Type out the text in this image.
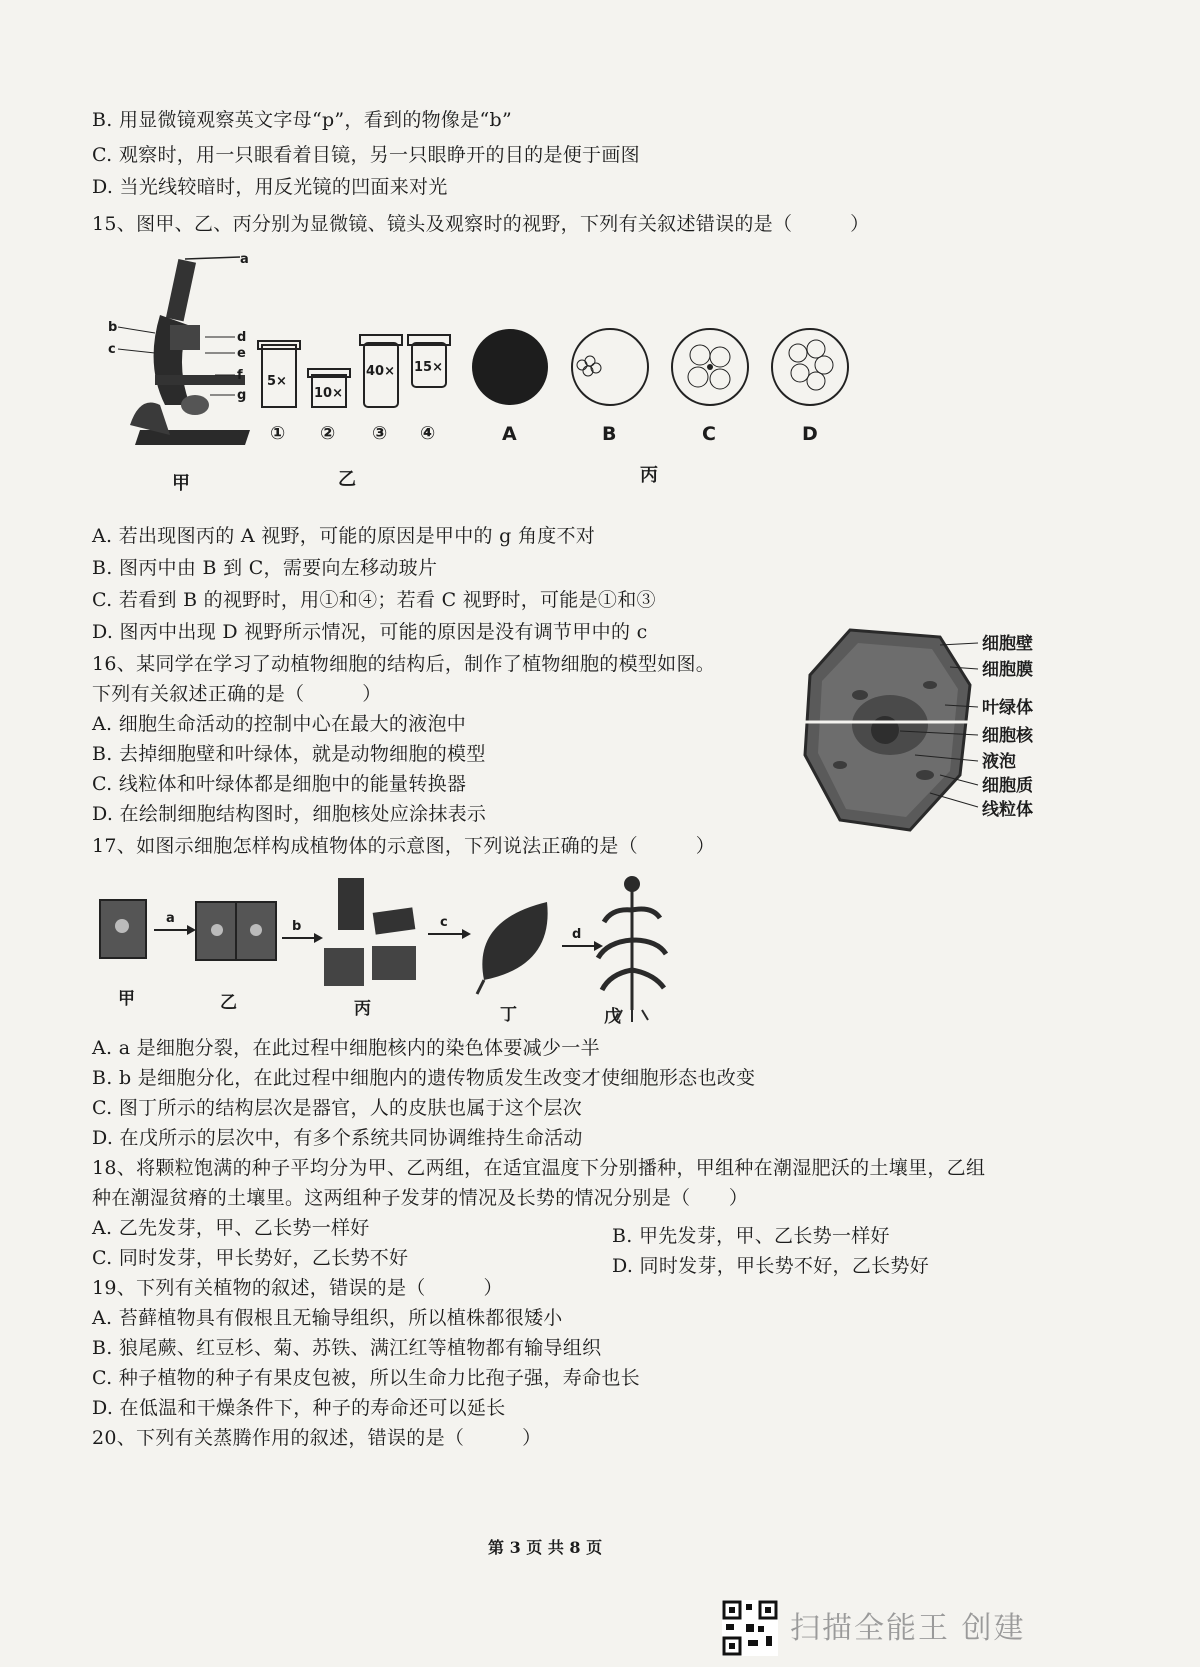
B. 用显微镜观察英文字母“p”，看到的物像是“b”
C. 观察时，用一只眼看着目镜，另一只眼睁开的目的是便于画图
D. 当光线较暗时，用反光镜的凹面来对光
15、图甲、乙、丙分别为显微镜、镜头及观察时的视野，下列有关叙述错误的是（　　　）
a
b
c
d
e
f
g
5×
10×
40× 15×
① ② ③ ④	A	B	C	D
甲	乙	丙
A. 若出现图丙的 A 视野，可能的原因是甲中的 g 角度不对
B. 图丙中由 B 到 C，需要向左移动玻片
C. 若看到 B 的视野时，用①和④；若看 C 视野时，可能是①和③
D. 图丙中出现 D 视野所示情况，可能的原因是没有调节甲中的 c
16、某同学在学习了动植物细胞的结构后，制作了植物细胞的模型如图。
下列有关叙述正确的是（　　　）
A. 细胞生命活动的控制中心在最大的液泡中
B. 去掉细胞壁和叶绿体，就是动物细胞的模型
C. 线粒体和叶绿体都是细胞中的能量转换器
D. 在绘制细胞结构图时，细胞核处应涂抹表示
细胞壁
细胞膜
叶绿体
细胞核
液泡
细胞质
线粒体
17、如图示细胞怎样构成植物体的示意图，下列说法正确的是（　　　）
a
b	c
d
甲	乙	丙	丁	戊
A. a 是细胞分裂，在此过程中细胞核内的染色体要减少一半
B. b 是细胞分化，在此过程中细胞内的遗传物质发生改变才使细胞形态也改变
C. 图丁所示的结构层次是器官，人的皮肤也属于这个层次
D. 在戊所示的层次中，有多个系统共同协调维持生命活动
18、将颗粒饱满的种子平均分为甲、乙两组，在适宜温度下分别播种，甲组种在潮湿肥沃的土壤里，乙组
种在潮湿贫瘠的土壤里。这两组种子发芽的情况及长势的情况分别是（　　）
A. 乙先发芽，甲、乙长势一样好	B. 甲先发芽，甲、乙长势一样好
C. 同时发芽，甲长势好，乙长势不好	D. 同时发芽，甲长势不好，乙长势好
19、下列有关植物的叙述，错误的是（　　　）
A. 苔藓植物具有假根且无输导组织，所以植株都很矮小
B. 狼尾蕨、红豆杉、菊、苏铁、满江红等植物都有输导组织
C. 种子植物的种子有果皮包被，所以生命力比孢子强，寿命也长
D. 在低温和干燥条件下，种子的寿命还可以延长
20、下列有关蒸腾作用的叙述，错误的是（　　　）
第 3 页 共 8 页
扫描全能王 创建
